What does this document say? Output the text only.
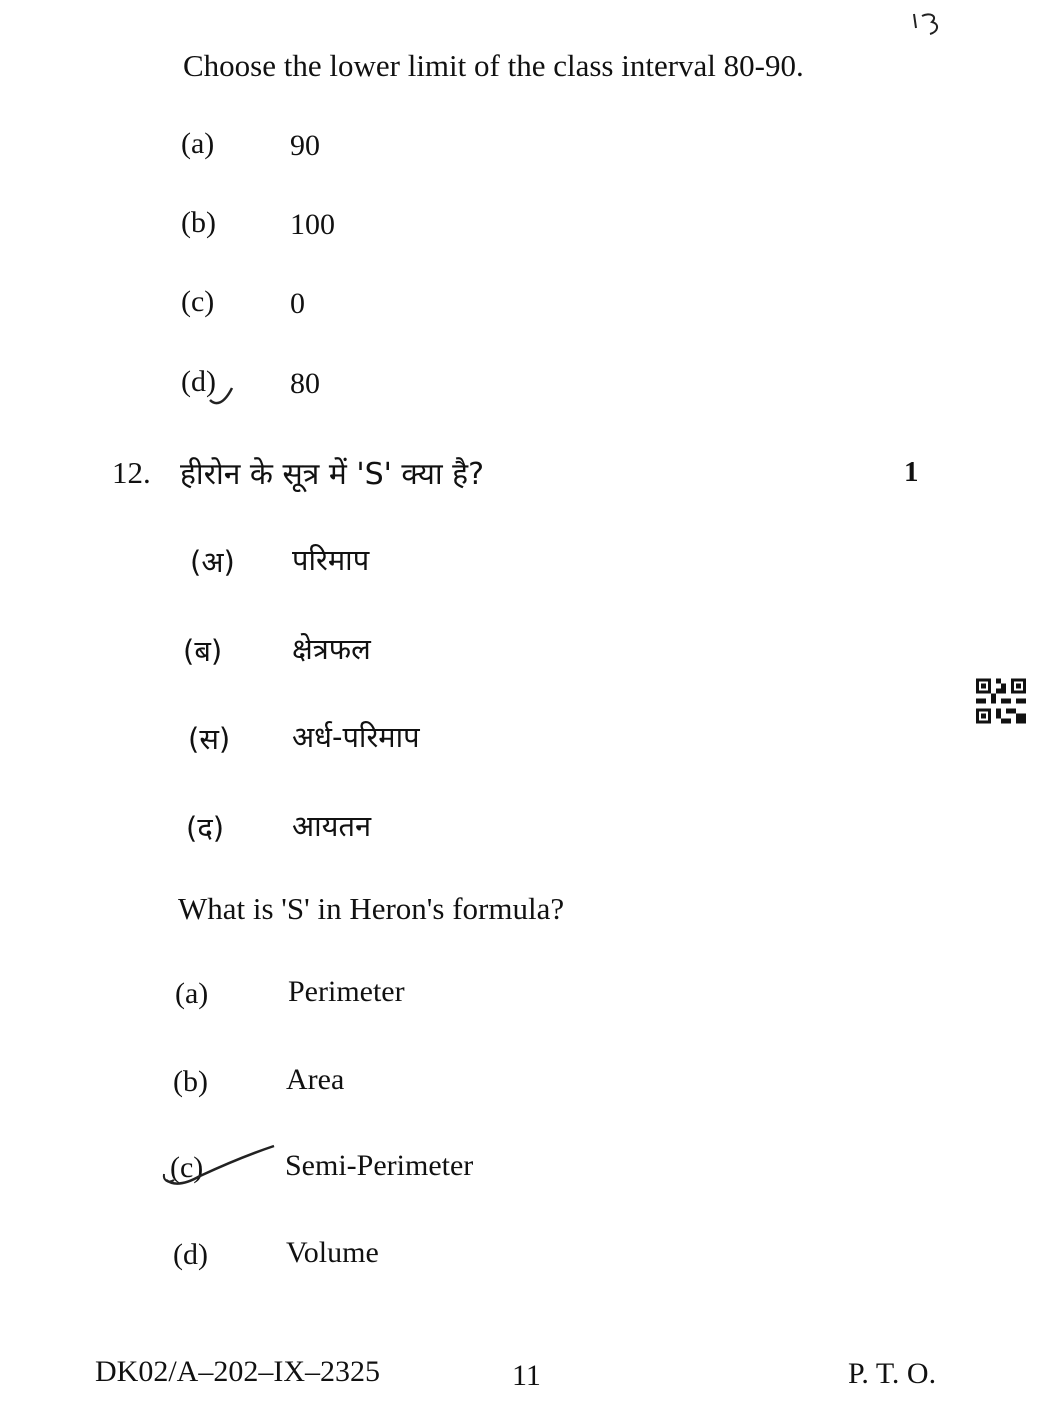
Choose the lower limit of the class interval 80-90.
(a)	90
(b) 100
(c)	0
(d) 80
12. हीरोन के सूत्र में 'S' क्या है?	1
(अ) परिमाप
(ब) क्षेत्रफल
(स) अर्ध-परिमाप
(द) आयतन
What is 'S' in Heron's formula?
(a)	Perimeter
(b)	Area
(c)	Semi-Perimeter
(d)	Volume
DK02/A–202–IX–2325	11	P. T. O.
